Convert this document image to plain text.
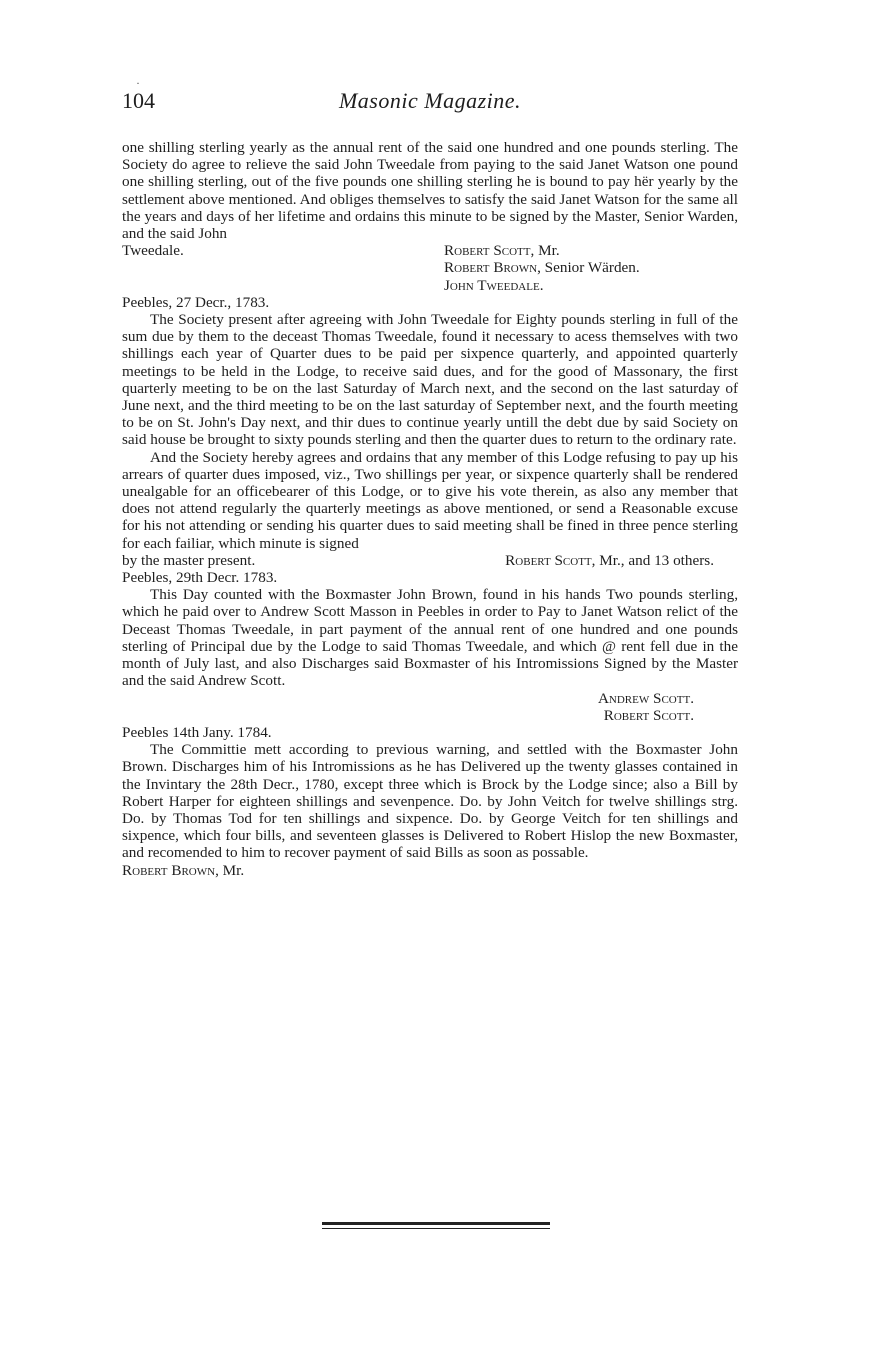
·
104	Masonic Magazine.

one shilling sterling yearly as the annual rent of the said one hundred and one pounds sterling. The Society do agree to relieve the said John Tweedale from paying to the said Janet Watson one pound one shilling sterling, out of the five pounds one shilling sterling he is bound to pay hër yearly by the settlement above mentioned. And obliges themselves to satisfy the said Janet Watson for the same all the years and days of her lifetime and ordains this minute to be signed by the Master, Senior Warden, and the said John

Tweedale.	Robert Scott, Mr.
Robert Brown, Senior Wärden.
John Tweedale.

Peebles, 27 Decr., 1783.

The Society present after agreeing with John Tweedale for Eighty pounds sterling in full of the sum due by them to the deceast Thomas Tweedale, found it necessary to acess themselves with two shillings each year of Quarter dues to be paid per sixpence quarterly, and appointed quarterly meetings to be held in the Lodge, to receive said dues, and for the good of Massonary, the first quarterly meeting to be on the last Saturday of March next, and the second on the last saturday of June next, and the third meeting to be on the last saturday of September next, and the fourth meeting to be on St. John's Day next, and thir dues to continue yearly untill the debt due by said Society on said house be brought to sixty pounds sterling and then the quarter dues to return to the ordinary rate.

And the Society hereby agrees and ordains that any member of this Lodge refusing to pay up his arrears of quarter dues imposed, viz., Two shillings per year, or sixpence quarterly shall be rendered unealgable for an officebearer of this Lodge, or to give his vote therein, as also any member that does not attend regularly the quarterly meetings as above mentioned, or send a Reasonable excuse for his not attending or sending his quarter dues to said meeting shall be fined in three pence sterling for each failiar, which minute is signed

by the master present.	Robert Scott, Mr., and 13 others.

Peebles, 29th Decr. 1783.

This Day counted with the Boxmaster John Brown, found in his hands Two pounds sterling, which he paid over to Andrew Scott Masson in Peebles in order to Pay to Janet Watson relict of the Deceast Thomas Tweedale, in part payment of the annual rent of one hundred and one pounds sterling of Principal due by the Lodge to said Thomas Tweedale, and which @ rent fell due in the month of July last, and also Discharges said Boxmaster of his Intromissions Signed by the Master and the said Andrew Scott.

Andrew Scott.
Robert Scott.

Peebles 14th Jany. 1784.

The Committie mett according to previous warning, and settled with the Boxmaster John Brown. Discharges him of his Intromissions as he has Delivered up the twenty glasses contained in the Invintary the 28th Decr., 1780, except three which is Brock by the Lodge since; also a Bill by Robert Harper for eighteen shillings and sevenpence. Do. by John Veitch for twelve shillings strg. Do. by Thomas Tod for ten shillings and sixpence. Do. by George Veitch for ten shillings and sixpence, which four bills, and seventeen glasses is Delivered to Robert Hislop the new Boxmaster, and recomended to him to recover payment of said Bills as soon as possable.

Robert Brown, Mr.
